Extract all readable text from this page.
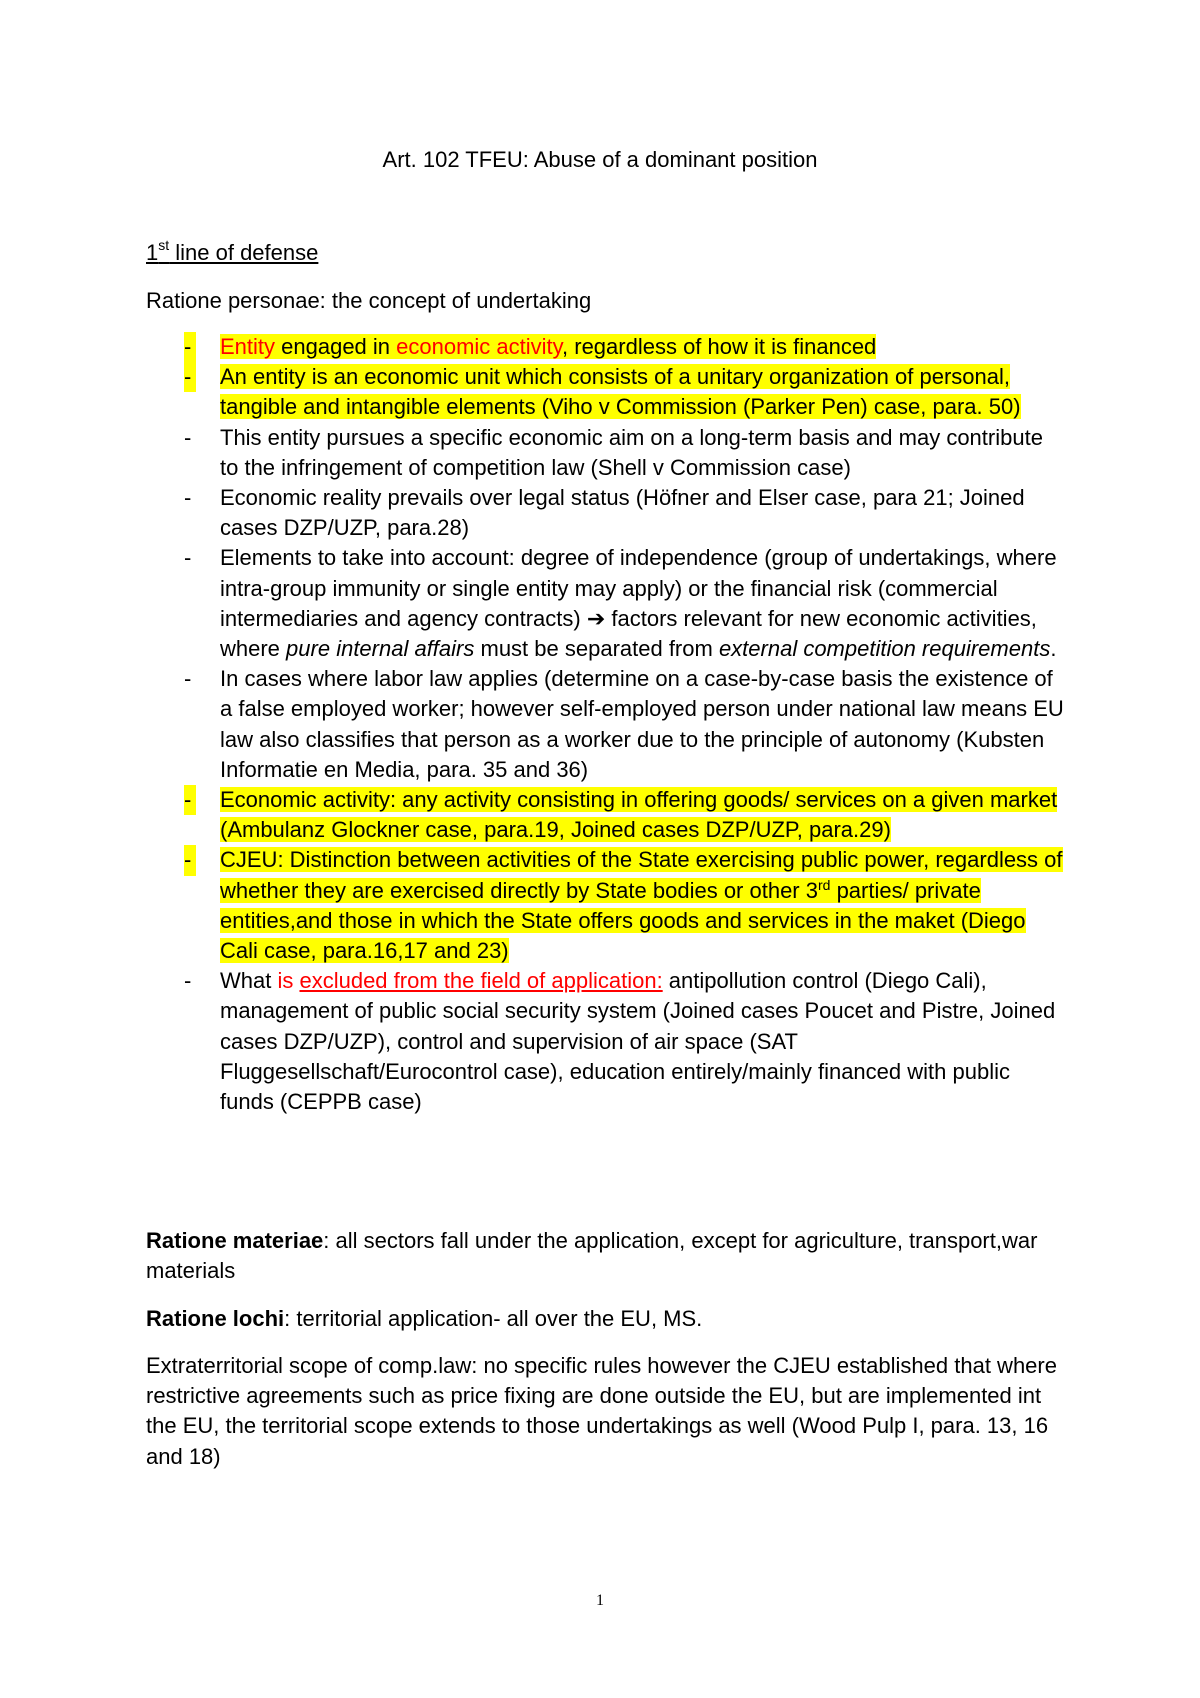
Art. 102 TFEU: Abuse of a dominant position
1st line of defense
Ratione personae: the concept of undertaking
- Entity engaged in economic activity, regardless of how it is financed
- An entity is an economic unit which consists of a unitary organization of personal, tangible and intangible elements (Viho v Commission (Parker Pen) case, para. 50)
- This entity pursues a specific economic aim on a long-term basis and may contribute to the infringement of competition law (Shell v Commission case)
- Economic reality prevails over legal status (Höfner and Elser case, para 21; Joined cases DZP/UZP, para.28)
- Elements to take into account: degree of independence (group of undertakings, where intra-group immunity or single entity may apply) or the financial risk (commercial intermediaries and agency contracts) ➔ factors relevant for new economic activities, where pure internal affairs must be separated from external competition requirements.
- In cases where labor law applies (determine on a case-by-case basis the existence of a false employed worker; however self-employed person under national law means EU law also classifies that person as a worker due to the principle of autonomy (Kubsten Informatie en Media, para. 35 and 36)
- Economic activity: any activity consisting in offering goods/ services on a given market (Ambulanz Glockner case, para.19, Joined cases DZP/UZP, para.29)
- CJEU: Distinction between activities of the State exercising public power, regardless of whether they are exercised directly by State bodies or other 3rd parties/ private entities,and those in which the State offers goods and services in the maket (Diego Cali case, para.16,17 and 23)
- What is excluded from the field of application: antipollution control (Diego Cali), management of public social security system (Joined cases Poucet and Pistre, Joined cases DZP/UZP), control and supervision of air space (SAT Fluggesellschaft/Eurocontrol case), education entirely/mainly financed with public funds (CEPPB case)
Ratione materiae: all sectors fall under the application, except for agriculture, transport,war materials
Ratione lochi: territorial application- all over the EU, MS.
Extraterritorial scope of comp.law: no specific rules however the CJEU established that where restrictive agreements such as price fixing are done outside the EU, but are implemented int the EU, the territorial scope extends to those undertakings as well (Wood Pulp I, para. 13, 16 and 18)
1
